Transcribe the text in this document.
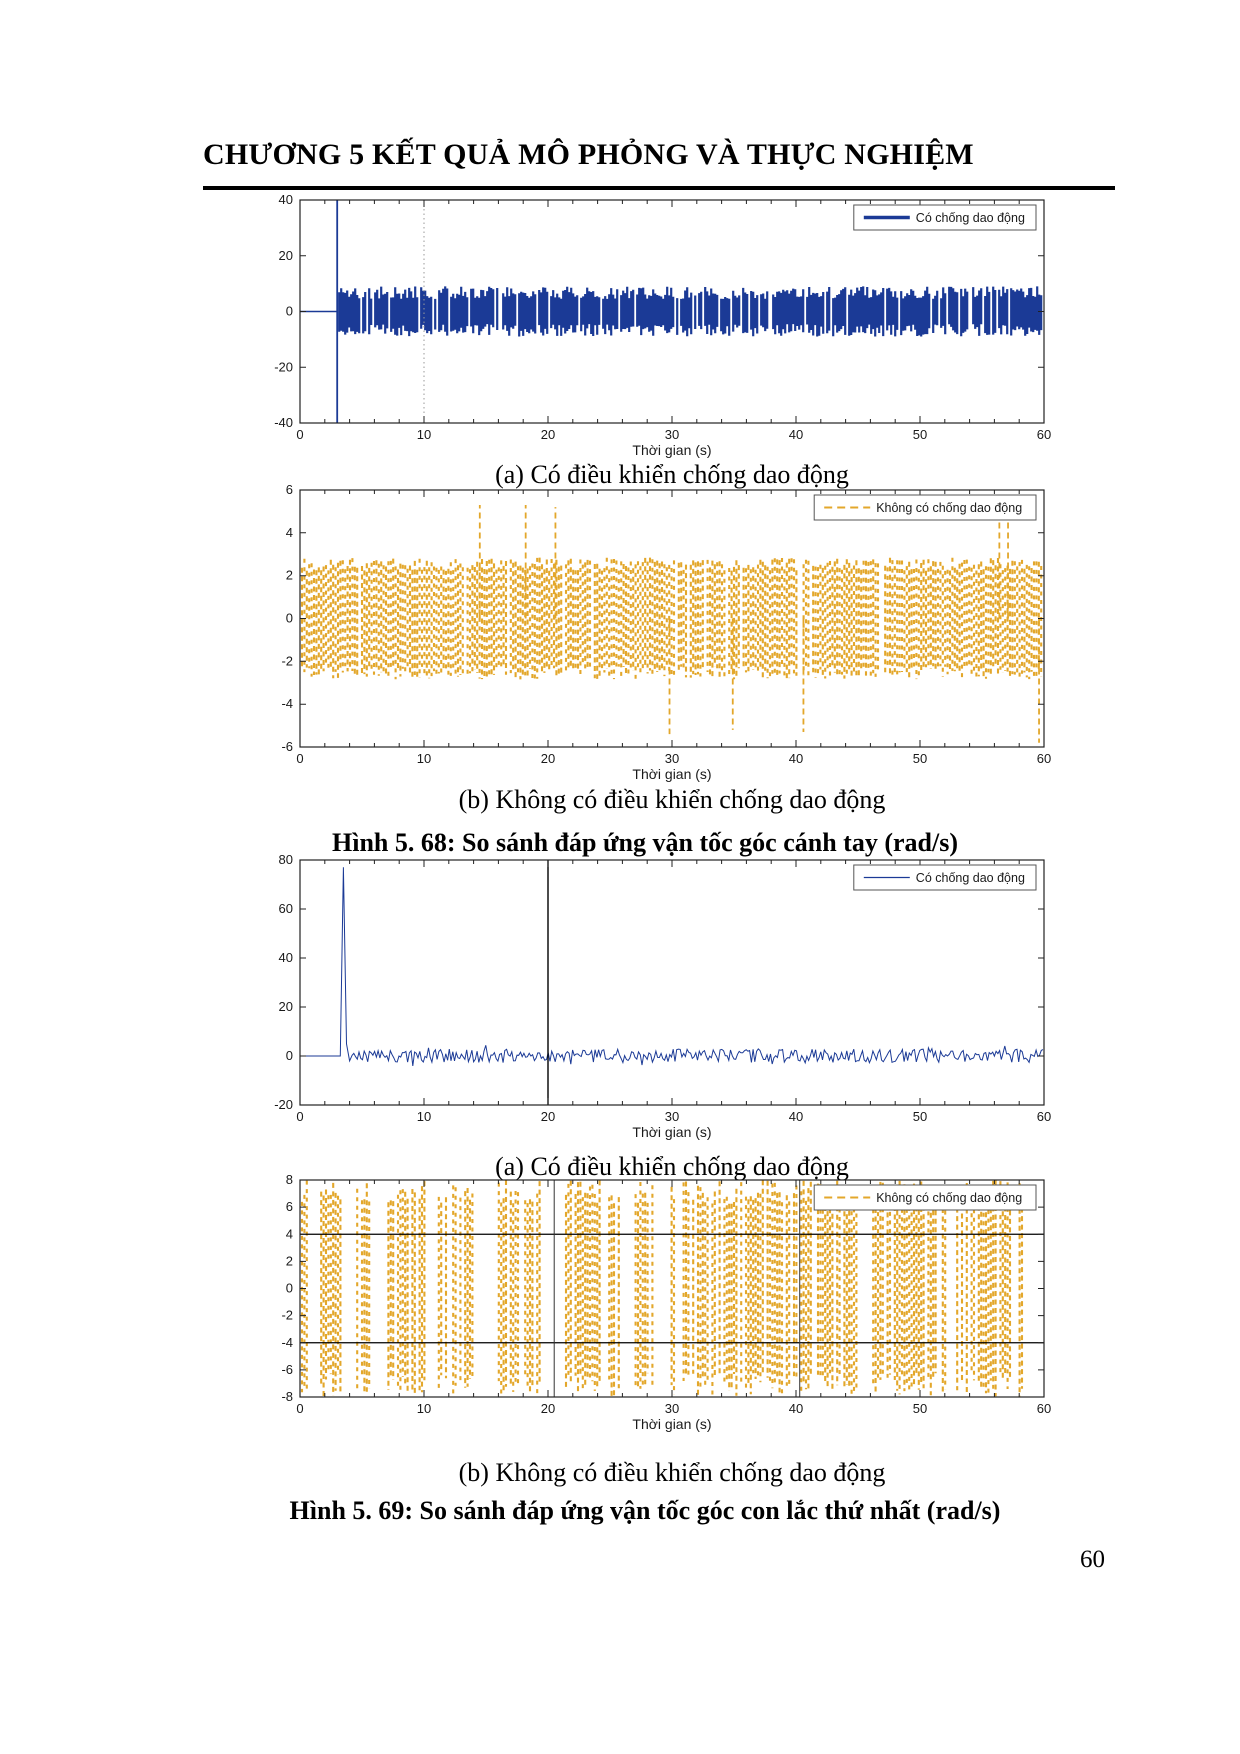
CHƯƠNG 5 KẾT QUẢ MÔ PHỎNG VÀ THỰC NGHIỆM
0	10	20	30	40	50	60
-40
-20
0
20
40
Thời gian (s)
Có chống dao động
(a) Có điều khiển chống dao động
0	10	20	30	40	50	60
-6
-4
-2
0
2
4
6
Thời gian (s)
Không có chống dao động
(b) Không có điều khiển chống dao động
Hình 5. 68: So sánh đáp ứng vận tốc góc cánh tay (rad/s)
0	10	20	30	40	50	60
-20
0
20
40
60
80
Thời gian (s)
Có chống dao động
(a) Có điều khiển chống dao động
0	10	20	30	40	50	60
-8
-6
-4
-2
0
2
4
6
8
Thời gian (s)
Không có chống dao động
(b) Không có điều khiển chống dao động
Hình 5. 69: So sánh đáp ứng vận tốc góc con lắc thứ nhất (rad/s)
60
